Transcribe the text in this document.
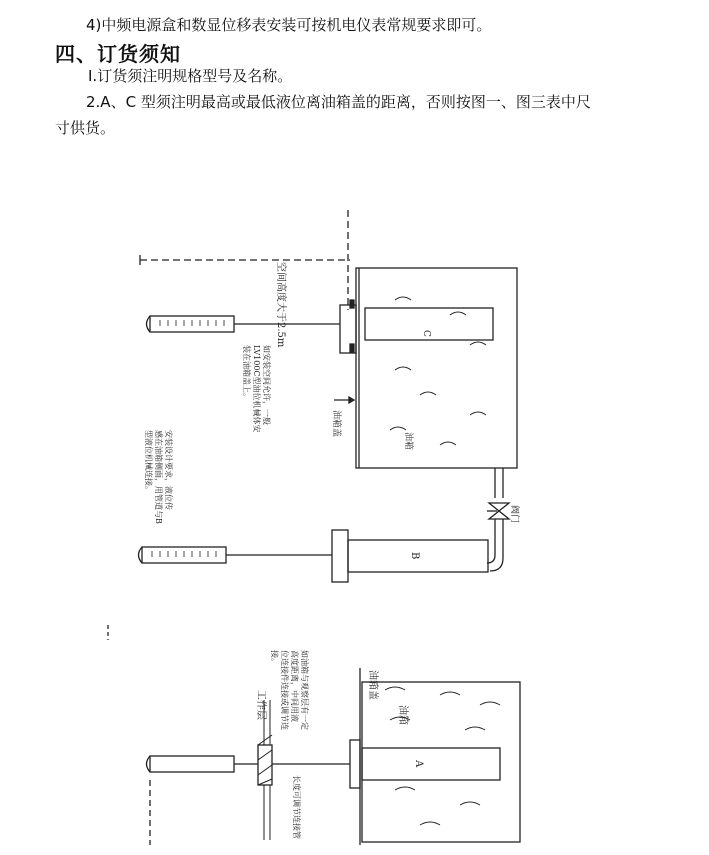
4)中频电源盒和数显位移表安装可按机电仪表常规要求即可。
四、订货须知
Ⅰ.订货须注明规格型号及名称。
2.A、C 型须注明最高或最低液位离油箱盖的距离，否则按图一、图三表中尺
寸供货。
C
B
A
空间高度大于2.5m
油箱盖
油箱
阀门
如安装空间允许，一般
LV100C型油位机械体安
装在油箱盖上。
安装设计要求，液位传
感在油箱侧面，用管道与B
型液位机械连接。
油箱盖
油箱
工作层	如油箱与观察层有一定
高度距离，中间用液
位连接件连接或调节连
接。
长度可调节连接管
